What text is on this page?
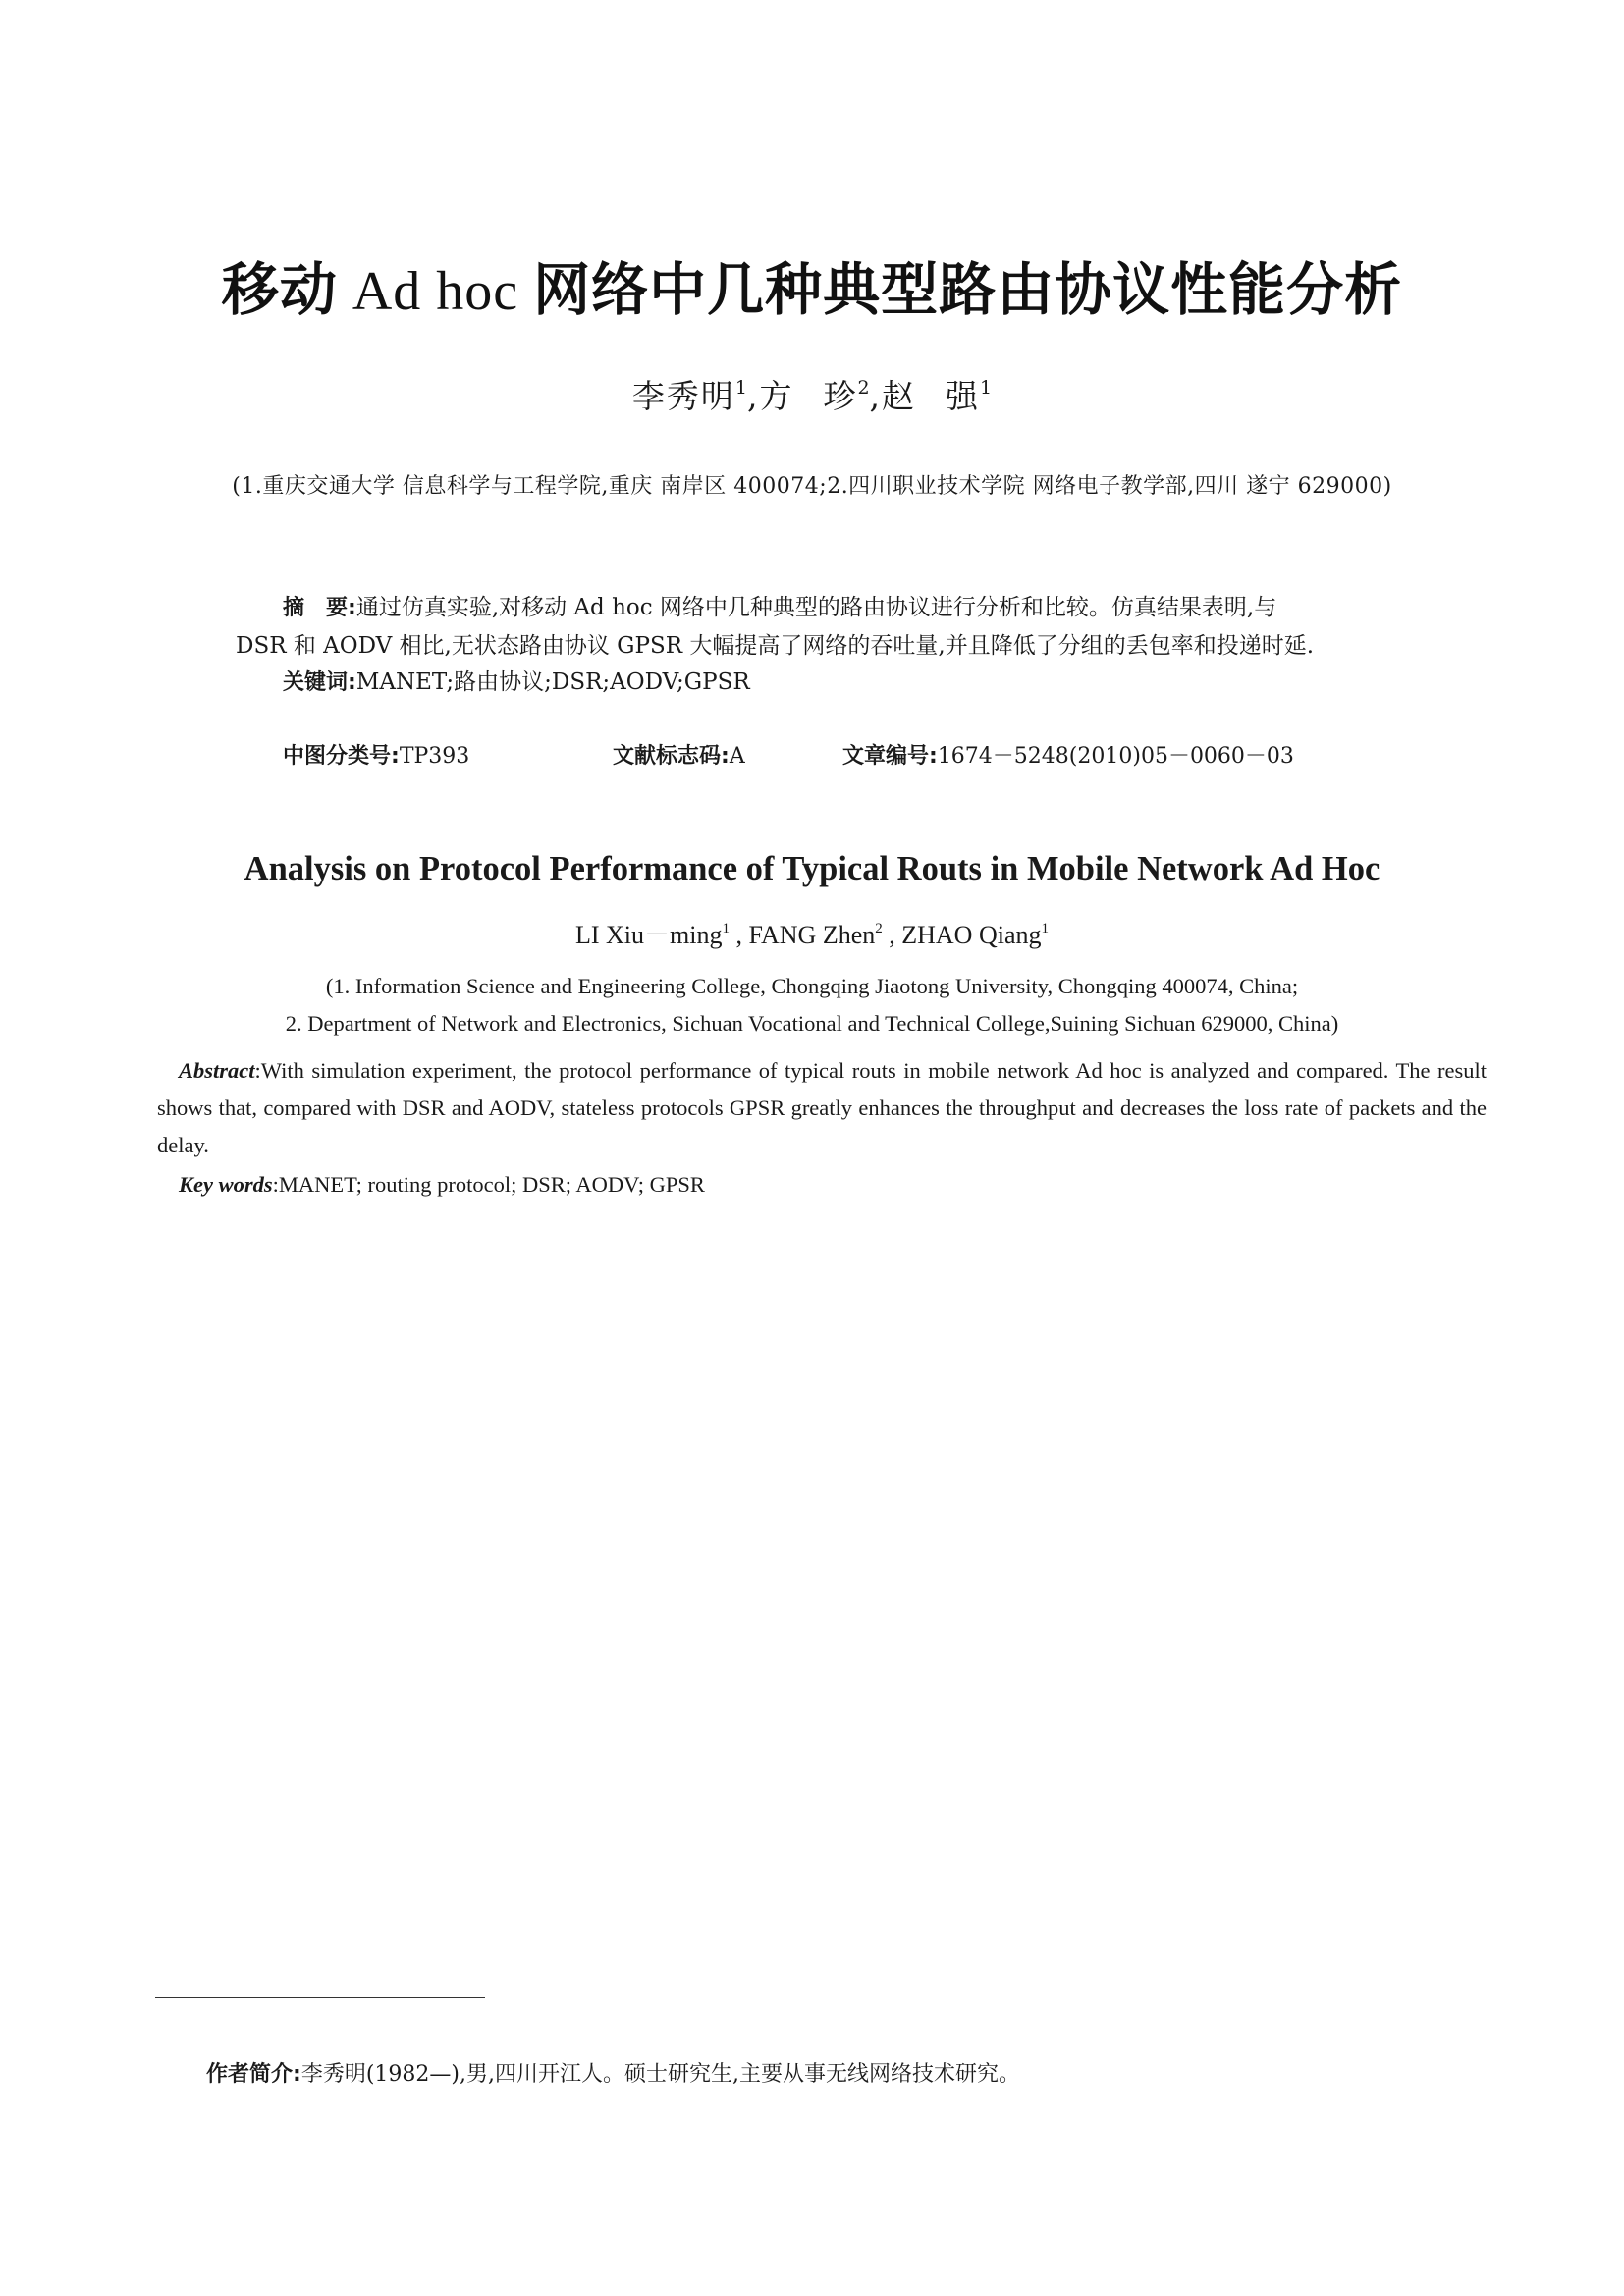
移动 Ad hoc 网络中几种典型路由协议性能分析
李秀明$^1$,方 珍$^2$,赵 强$^1$
(1.重庆交通大学 信息科学与工程学院,重庆 南岸区 400074;2.四川职业技术学院 网络电子教学部,四川 遂宁 629000)
摘　要:通过仿真实验,对移动 Ad hoc 网络中几种典型的路由协议进行分析和比较。仿真结果表明,与
DSR 和 AODV 相比,无状态路由协议 GPSR 大幅提高了网络的吞吐量,并且降低了分组的丢包率和投递时延.
关键词:MANET;路由协议;DSR;AODV;GPSR
中图分类号:TP393	文献标志码:A	文章编号:1674－5248(2010)05－0060－03
Analysis on Protocol Performance of Typical Routs in Mobile Network Ad Hoc
LI Xiu－ming$^1$ , FANG Zhen$^2$ , ZHAO Qiang$^1$
(1. Information Science and Engineering College, Chongqing Jiaotong University, Chongqing 400074, China;
2. Department of Network and Electronics, Sichuan Vocational and Technical College,Suining Sichuan 629000, China)
Abstract:With simulation experiment, the protocol performance of typical routs in mobile network Ad hoc is analyzed and compared. The result shows that, compared with DSR and AODV, stateless protocols GPSR greatly enhances the throughput and decreases the loss rate of packets and the delay.
Key words:MANET; routing protocol; DSR; AODV; GPSR
作者简介:李秀明(1982—),男,四川开江人。硕士研究生,主要从事无线网络技术研究。
